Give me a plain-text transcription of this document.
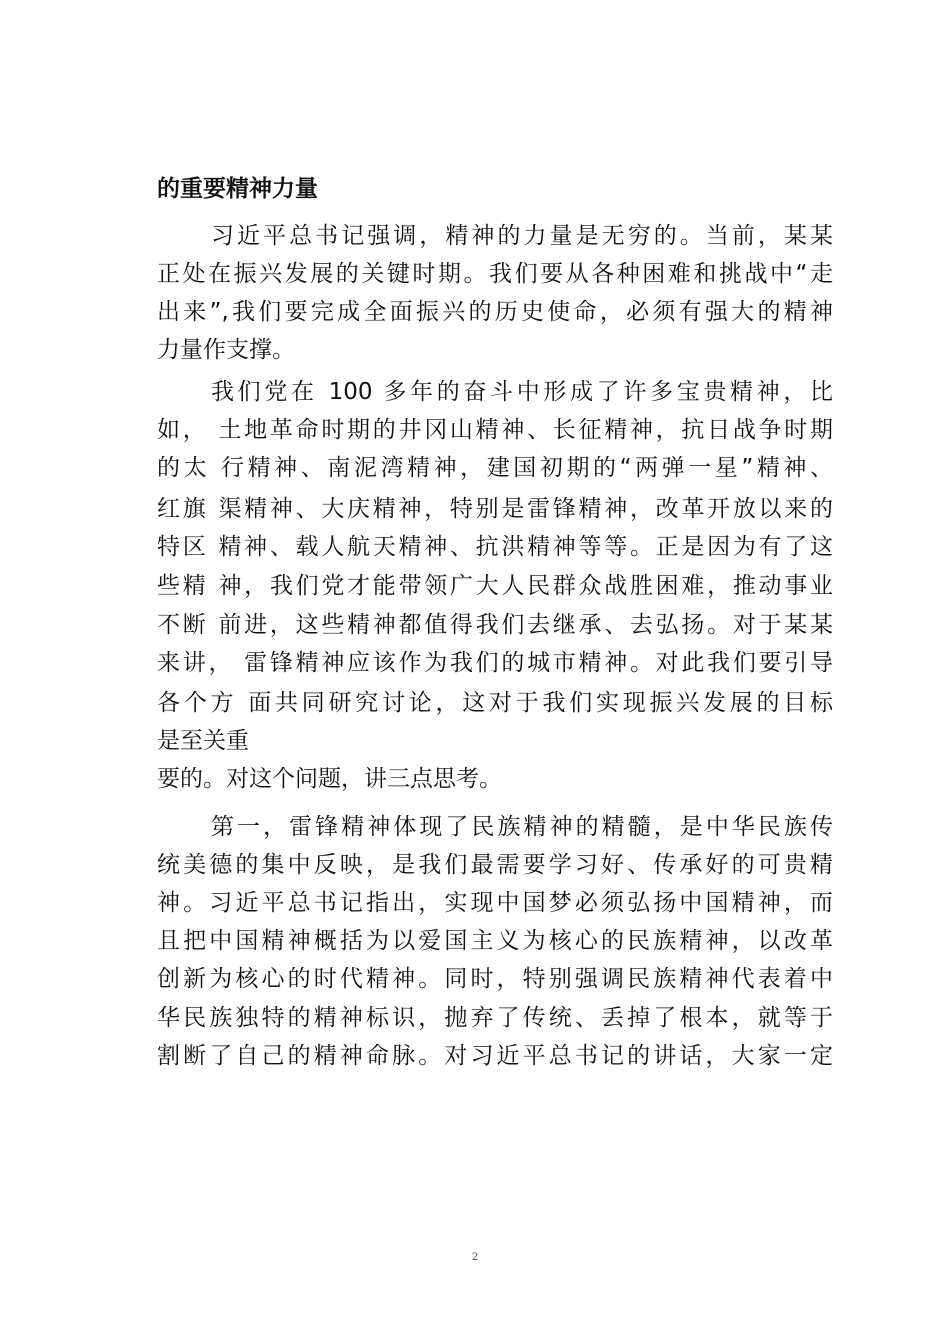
的重要精神力量
习近平总书记强调，精神的力量是无穷的。当前，某某
正处在振兴发展的关键时期。我们要从各种困难和挑战中“走
出来”,我们要完成全面振兴的历史使命，必须有强大的精神
力量作支撑。
我们党在 100 多年的奋斗中形成了许多宝贵精神，比
如， 土地革命时期的井冈山精神、长征精神，抗日战争时期
的太 行精神、南泥湾精神，建国初期的“两弹一星”精神、
红旗 渠精神、大庆精神，特别是雷锋精神，改革开放以来的
特区 精神、载人航天精神、抗洪精神等等。正是因为有了这
些精 神，我们党才能带领广大人民群众战胜困难，推动事业
不断 前进，这些精神都值得我们去继承、去弘扬。对于某某
来讲， 雷锋精神应该作为我们的城市精神。对此我们要引导
各个方 面共同研究讨论，这对于我们实现振兴发展的目标
是至关重
要的。对这个问题，讲三点思考。
第一，雷锋精神体现了民族精神的精髓，是中华民族传
统美德的集中反映，是我们最需要学习好、传承好的可贵精
神。习近平总书记指出，实现中国梦必须弘扬中国精神，而
且把中国精神概括为以爱国主义为核心的民族精神，以改革
创新为核心的时代精神。同时，特别强调民族精神代表着中
华民族独特的精神标识，抛弃了传统、丢掉了根本，就等于
割断了自己的精神命脉。对习近平总书记的讲话，大家一定
2
